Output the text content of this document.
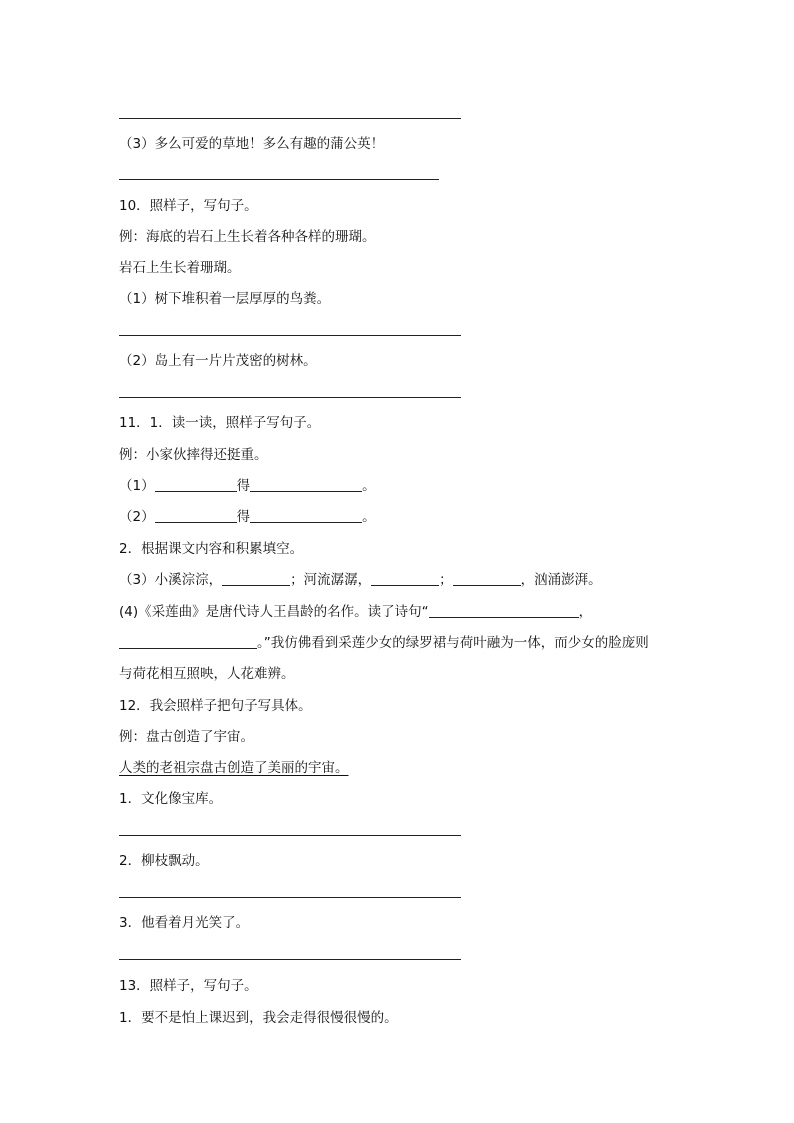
（3）多么可爱的草地！多么有趣的蒲公英！
10．照样子，写句子。
例：海底的岩石上生长着各种各样的珊瑚。
岩石上生长着珊瑚。
（1）树下堆积着一层厚厚的鸟粪。
（2）岛上有一片片茂密的树林。
11．1．读一读，照样子写句子。
例：小家伙摔得还挺重。
（1）	得	。
（2）	得	。
2．根据课文内容和积累填空。
（3）小溪淙淙，	；河流潺潺，	；	，汹涌澎湃。
(4)《采莲曲》是唐代诗人王昌龄的名作。读了诗句“	，
。”我仿佛看到采莲少女的绿罗裙与荷叶融为一体，而少女的脸庞则
与荷花相互照映，人花难辨。
12．我会照样子把句子写具体。
例：盘古创造了宇宙。
人类的老祖宗盘古创造了美丽的宇宙。
1．文化像宝库。
2．柳枝飘动。
3．他看着月光笑了。
13．照样子，写句子。
1．要不是怕上课迟到，我会走得很慢很慢的。
